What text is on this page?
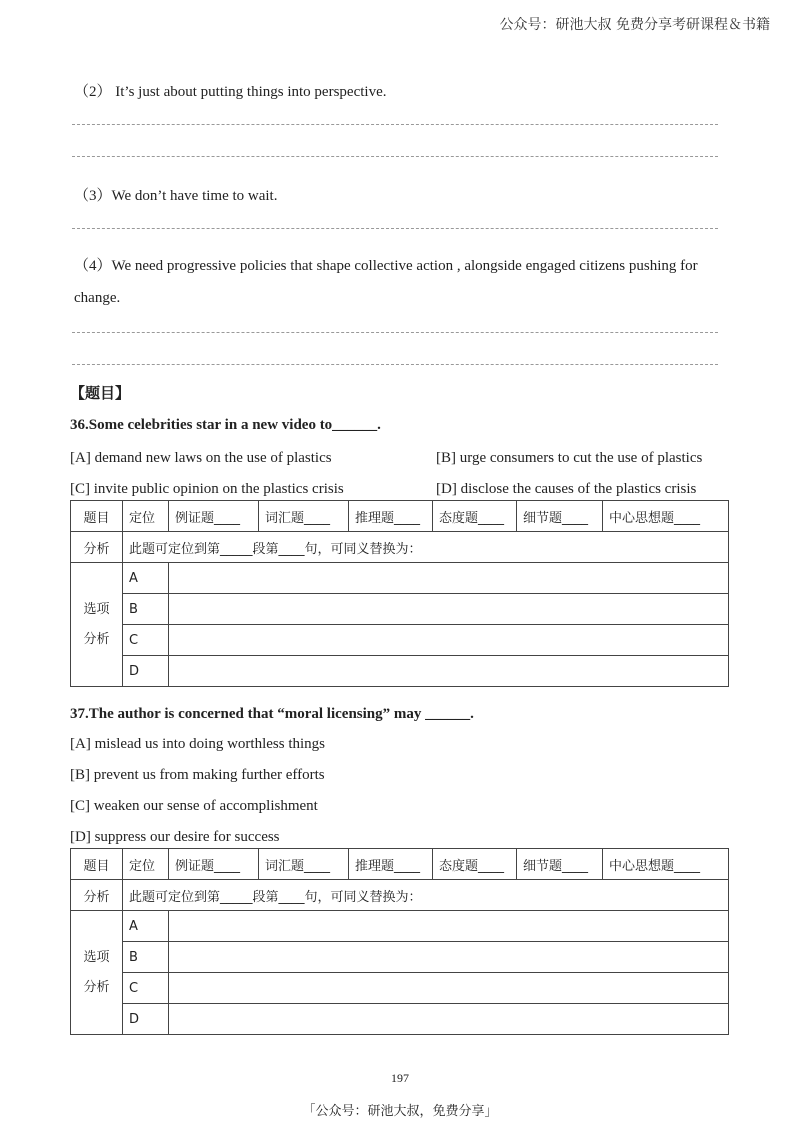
公众号：研池大叔 免费分享考研课程＆书籍
（2） It’s just about putting things into perspective.
（3）We don’t have time to wait.
（4）We need progressive policies that shape collective action , alongside engaged citizens pushing for change.
【题目】
36.Some celebrities star in a new video to______.
[A] demand new laws on the use of plastics	[B] urge consumers to cut the use of plastics
[C] invite public opinion on the plastics crisis	[D] disclose the causes of the plastics crisis
题目	定位	例证题____	词汇题____	推理题____	态度题____	细节题____	中心思想题____
分析	此题可定位到第_____段第____句，可同义替换为：						
选项
分析	A						
	B						
	C						
	D						
37.The author is concerned that “moral licensing” may ______.
[A] mislead us into doing worthless things
[B] prevent us from making further efforts
[C] weaken our sense of accomplishment
[D] suppress our desire for success
题目	定位	例证题____	词汇题____	推理题____	态度题____	细节题____	中心思想题____
分析	此题可定位到第_____段第____句，可同义替换为：						
选项
分析	A						
	B						
	C						
	D						
197
「公众号：研池大叔，免费分享」
